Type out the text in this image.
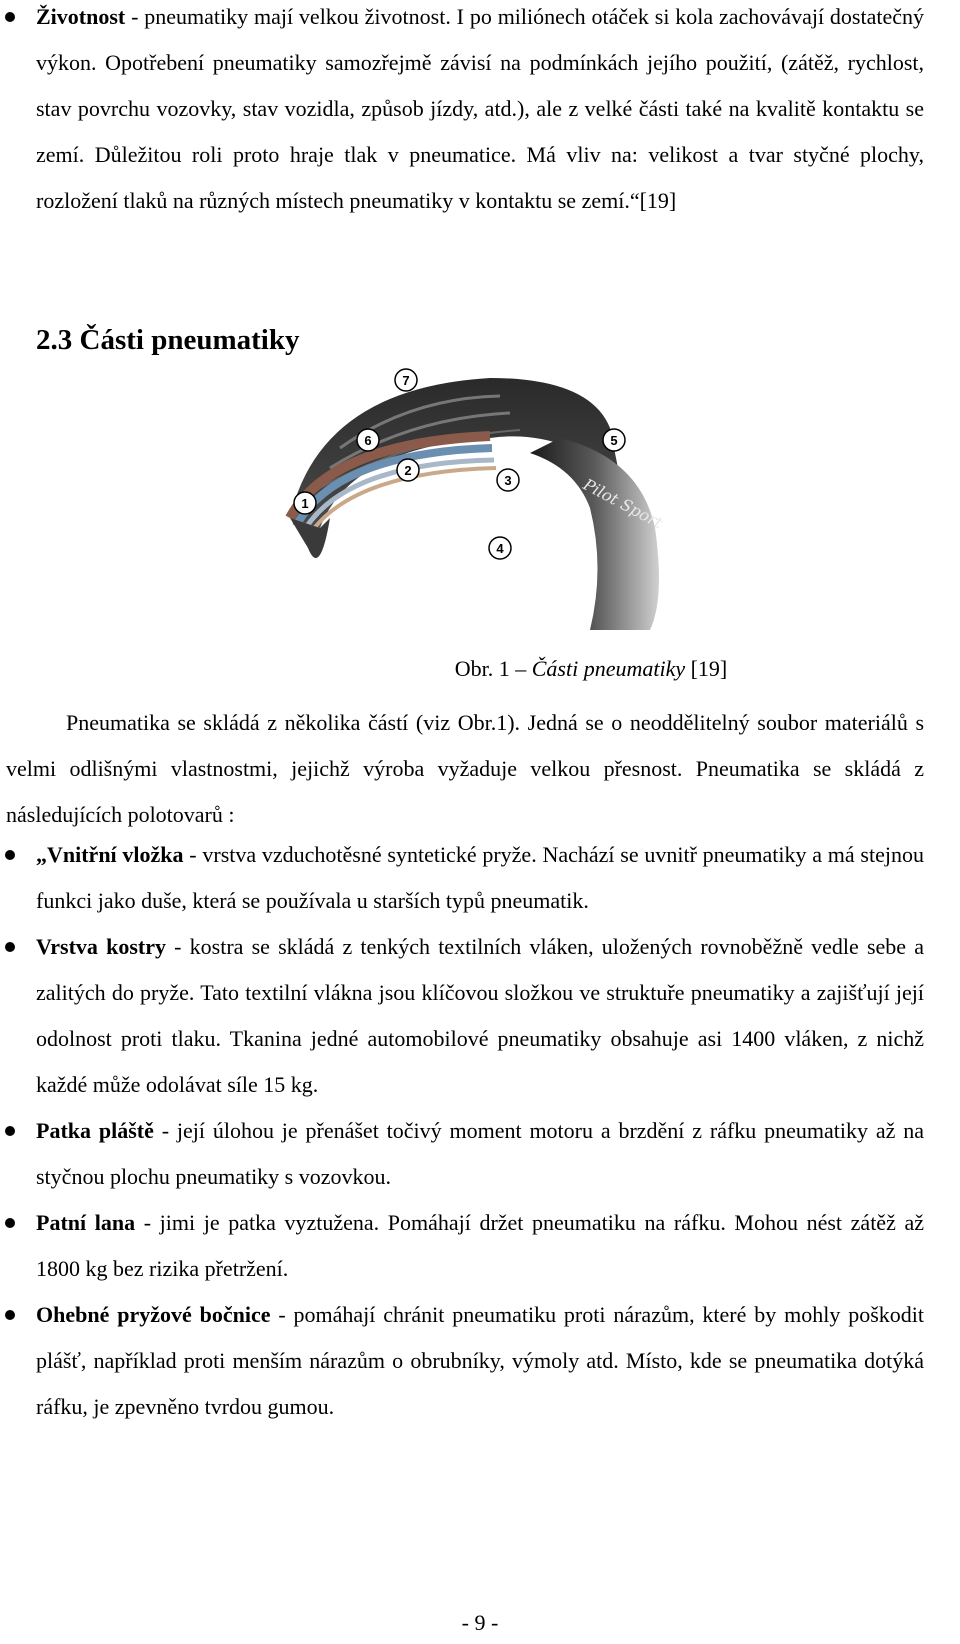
Životnost - pneumatiky mají velkou životnost. I po miliónech otáček si kola zachovávají dostatečný výkon. Opotřebení pneumatiky samozřejmě závisí na podmínkách jejího použití, (zátěž, rychlost, stav povrchu vozovky, stav vozidla, způsob jízdy, atd.), ale z velké části také na kvalitě kontaktu se zemí. Důležitou roli proto hraje tlak v pneumatice. Má vliv na: velikost a tvar styčné plochy, rozložení tlaků na různých místech pneumatiky v kontaktu se zemí.“[19]
2.3 Části pneumatiky
Pilot Sport
1
2
3
4
5
6
7
Obr. 1 – Části pneumatiky [19]
Pneumatika se skládá z několika částí (viz Obr.1). Jedná se o neoddělitelný soubor materiálů s velmi odlišnými vlastnostmi, jejichž výroba vyžaduje velkou přesnost. Pneumatika se skládá z následujících polotovarů :
„Vnitřní vložka - vrstva vzduchotěsné syntetické pryže. Nachází se uvnitř pneumatiky a má stejnou funkci jako duše, která se používala u starších typů pneumatik.
Vrstva kostry - kostra se skládá z tenkých textilních vláken, uložených rovnoběžně vedle sebe a zalitých do pryže. Tato textilní vlákna jsou klíčovou složkou ve struktuře pneumatiky a zajišťují její odolnost proti tlaku. Tkanina jedné automobilové pneumatiky obsahuje asi 1400 vláken, z nichž každé může odolávat síle 15 kg.
Patka pláště - její úlohou je přenášet točivý moment motoru a brzdění z ráfku pneumatiky až na styčnou plochu pneumatiky s vozovkou.
Patní lana - jimi je patka vyztužena. Pomáhají držet pneumatiku na ráfku. Mohou nést zátěž až 1800 kg bez rizika přetržení.
Ohebné pryžové bočnice - pomáhají chránit pneumatiku proti nárazům, které by mohly poškodit plášť, například proti menším nárazům o obrubníky, výmoly atd. Místo, kde se pneumatika dotýká ráfku, je zpevněno tvrdou gumou.
- 9 -
